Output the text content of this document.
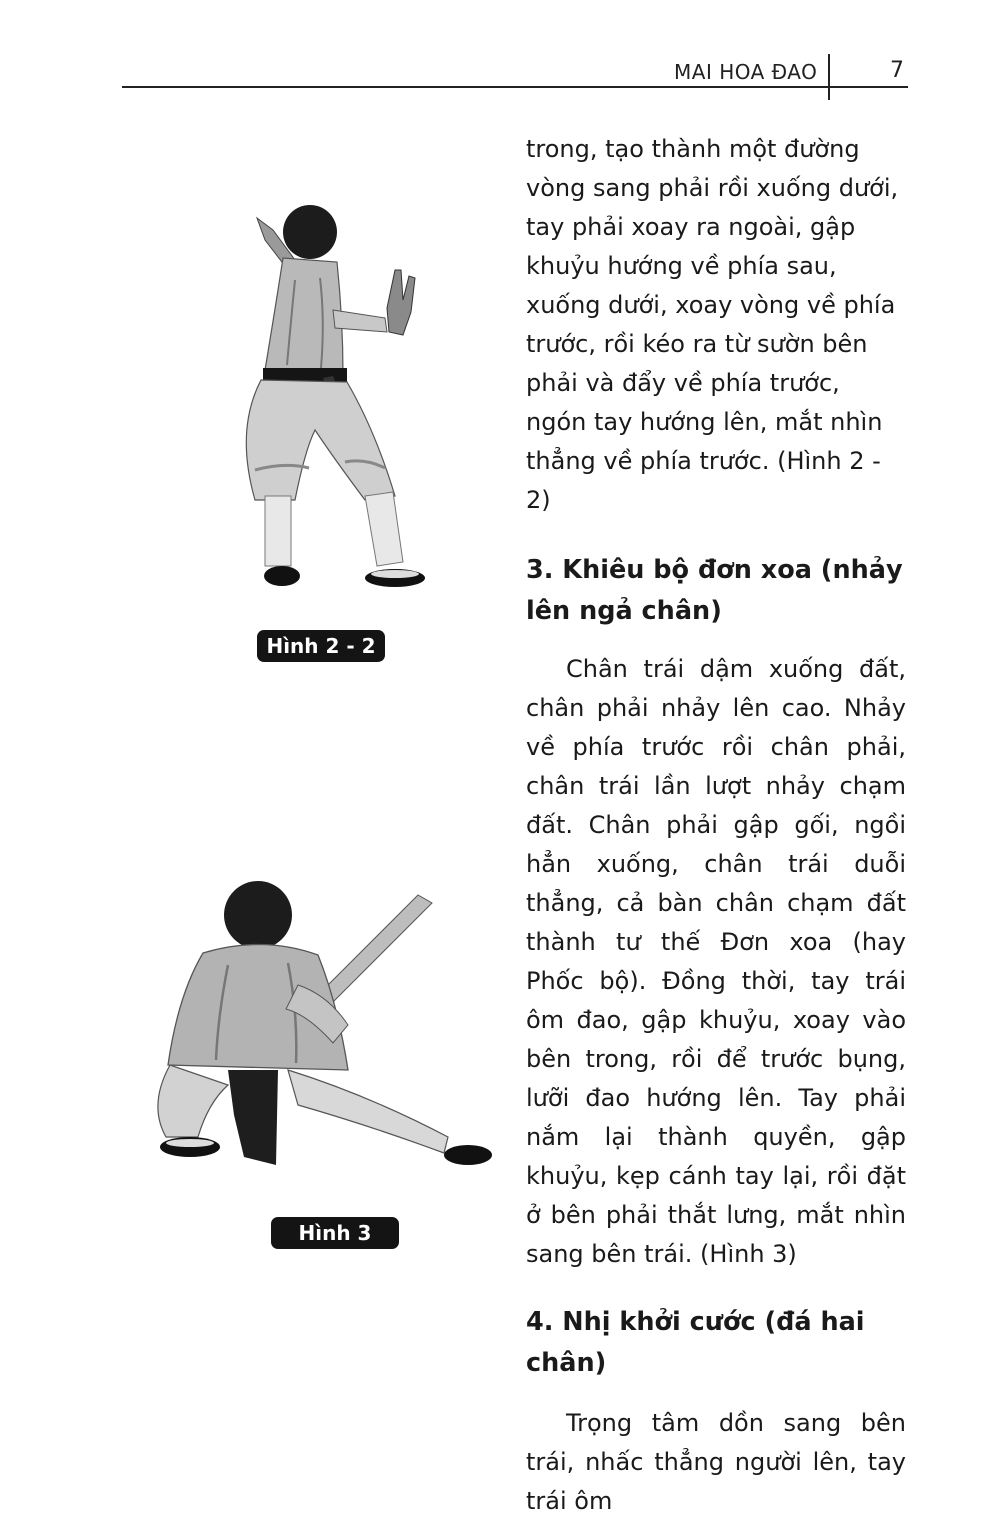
MAI HOA ĐAO	7
Hình 2 - 2
Hình 3

trong, tạo thành một đường vòng sang phải rồi xuống dưới, tay phải xoay ra ngoài, gập khuỷu hướng về phía sau, xuống dưới, xoay vòng về phía trước, rồi kéo ra từ sườn bên phải và đẩy về phía trước, ngón tay hướng lên, mắt nhìn thẳng về phía trước. (Hình 2 - 2)

3. Khiêu bộ đơn xoa (nhảy lên ngả chân)

Chân trái dậm xuống đất, chân phải nhảy lên cao. Nhảy về phía trước rồi chân phải, chân trái lần lượt nhảy chạm đất. Chân phải gập gối, ngồi hẳn xuống, chân trái duỗi thẳng, cả bàn chân chạm đất thành tư thế Đơn xoa (hay Phốc bộ). Đồng thời, tay trái ôm đao, gập khuỷu, xoay vào bên trong, rồi để trước bụng, lưỡi đao hướng lên. Tay phải nắm lại thành quyền, gập khuỷu, kẹp cánh tay lại, rồi đặt ở bên phải thắt lưng, mắt nhìn sang bên trái. (Hình 3)

4. Nhị khởi cước (đá hai chân)

Trọng tâm dồn sang bên trái, nhấc thẳng người lên, tay trái ôm
